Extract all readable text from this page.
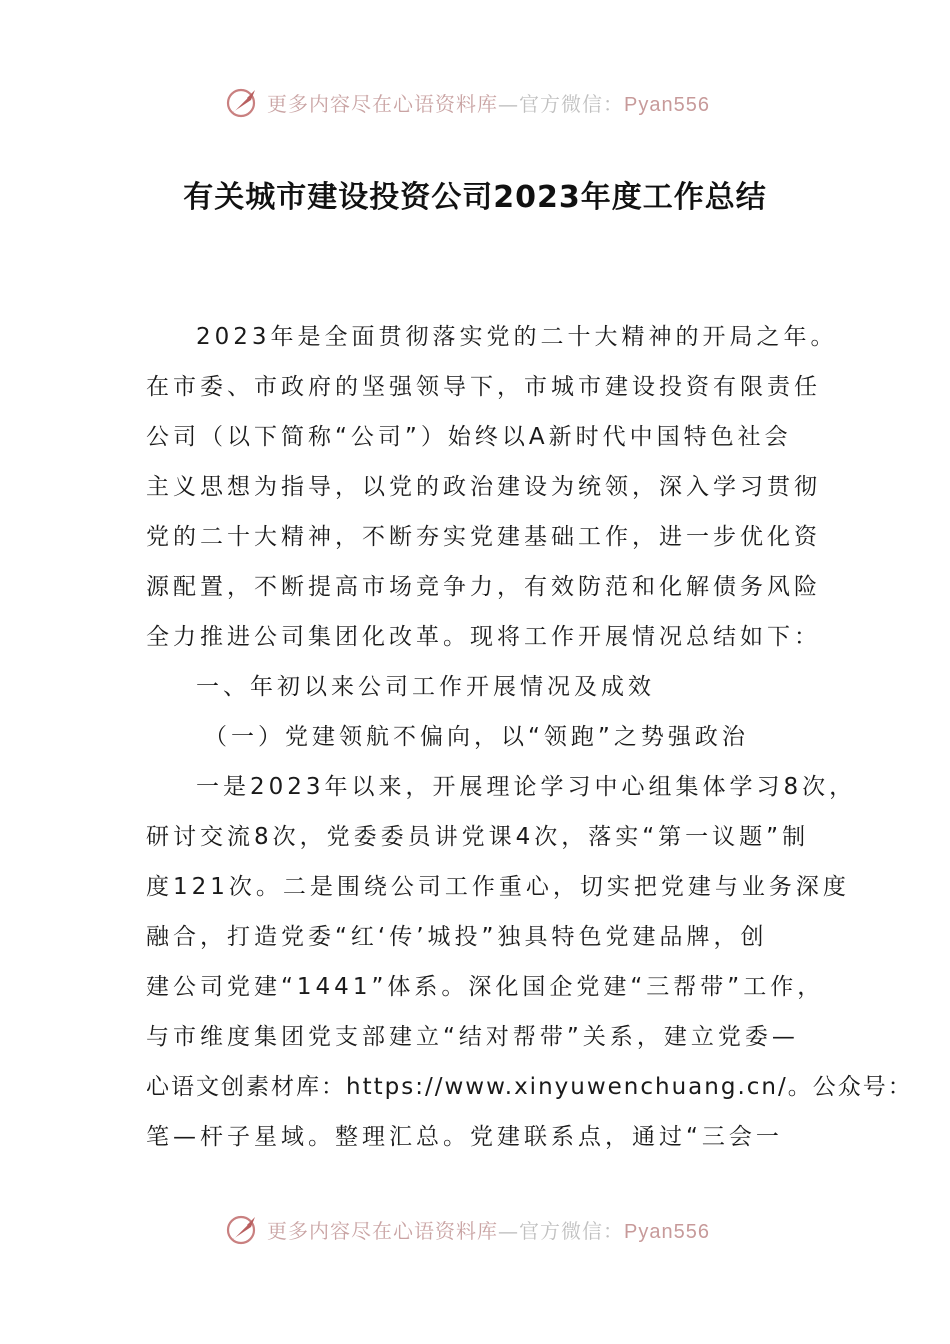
更多内容尽在心语资料库—官方微信：Pyan556
有关城市建设投资公司2023年度工作总结
2023年是全面贯彻落实党的二十大精神的开局之年。
在市委、市政府的坚强领导下，市城市建设投资有限责任
公司（以下简称“公司”）始终以A新时代中国特色社会
主义思想为指导，以党的政治建设为统领，深入学习贯彻
党的二十大精神，不断夯实党建基础工作，进一步优化资
源配置，不断提高市场竞争力，有效防范和化解债务风险
全力推进公司集团化改革。现将工作开展情况总结如下：
一、年初以来公司工作开展情况及成效
（一）党建领航不偏向，以“领跑”之势强政治
一是2023年以来，开展理论学习中心组集体学习8次，
研讨交流8次，党委委员讲党课4次，落实“第一议题”制
度121次。二是围绕公司工作重心，切实把党建与业务深度
融合，打造党委“红‘传’城投”独具特色党建品牌，创
建公司党建“1441”体系。深化国企党建“三帮带”工作，
与市维度集团党支部建立“结对帮带”关系，建立党委—
心语文创素材库：https://www.xinyuwenchuang.cn/。公众号：
笔—杆子星域。整理汇总。党建联系点，通过“三会一
更多内容尽在心语资料库—官方微信：Pyan556
